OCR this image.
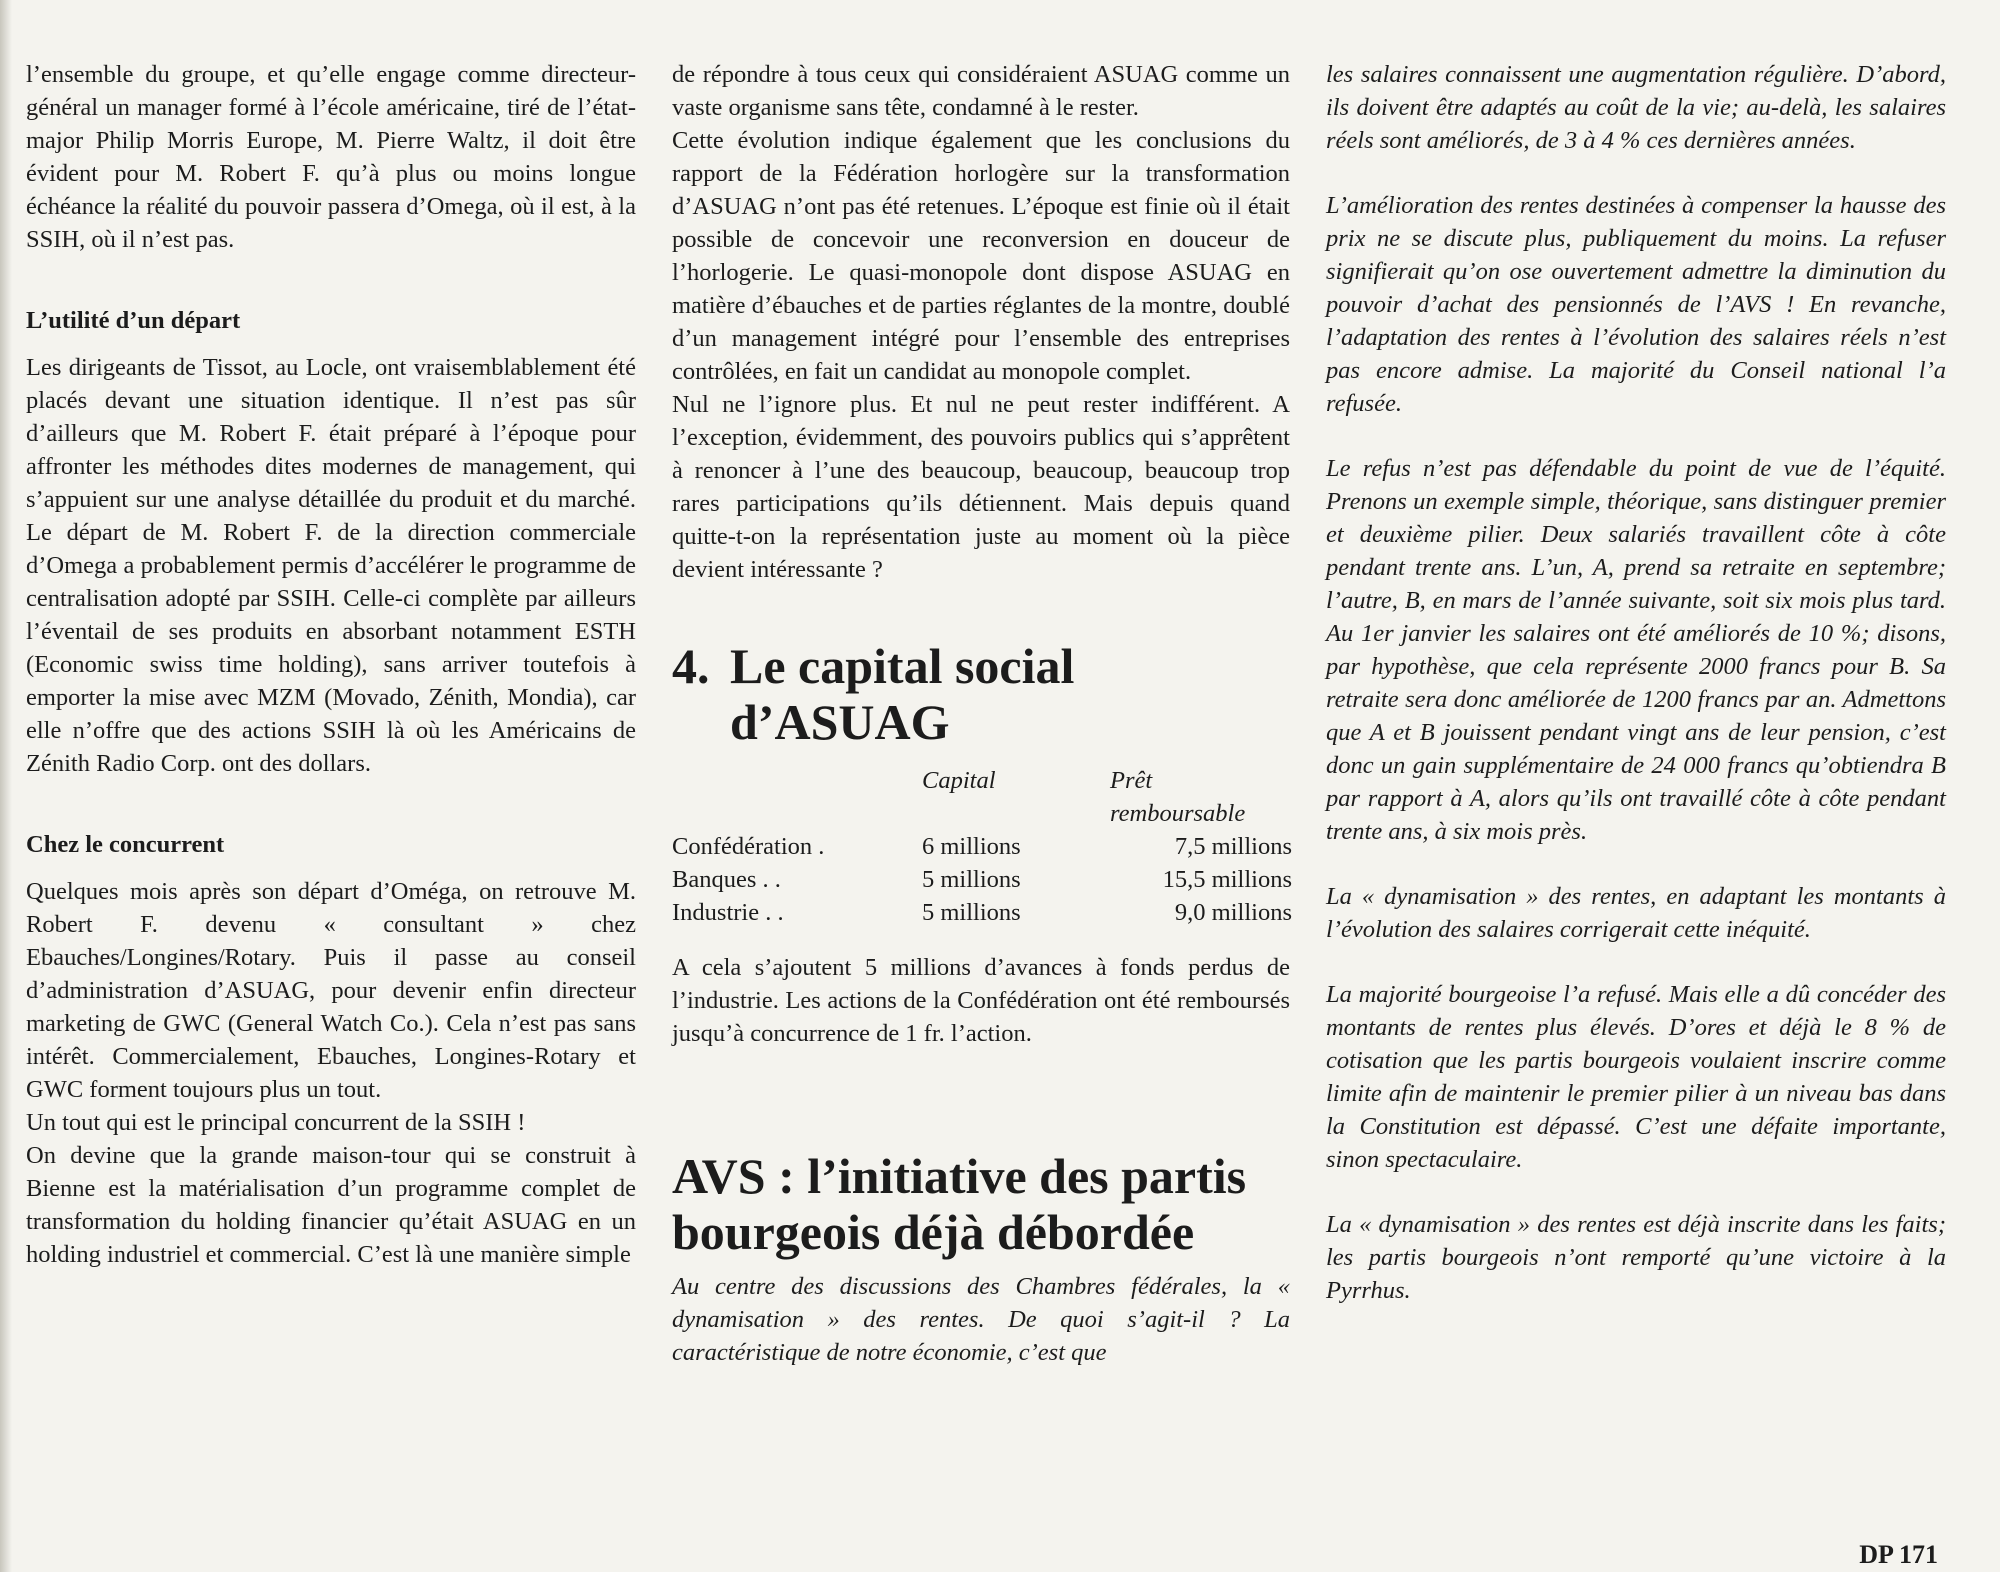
l’ensemble du groupe, et qu’elle engage comme directeur-général un manager formé à l’école américaine, tiré de l’état-major Philip Morris Europe, M. Pierre Waltz, il doit être évident pour M. Robert F. qu’à plus ou moins longue échéance la réalité du pouvoir passera d’Omega, où il est, à la SSIH, où il n’est pas.

L’utilité d’un départ

Les dirigeants de Tissot, au Locle, ont vraisemblablement été placés devant une situation identique. Il n’est pas sûr d’ailleurs que M. Robert F. était préparé à l’époque pour affronter les méthodes dites modernes de management, qui s’appuient sur une analyse détaillée du produit et du marché. Le départ de M. Robert F. de la direction commerciale d’Omega a probablement permis d’accélérer le programme de centralisation adopté par SSIH. Celle-ci complète par ailleurs l’éventail de ses produits en absorbant notamment ESTH (Economic swiss time holding), sans arriver toutefois à emporter la mise avec MZM (Movado, Zénith, Mondia), car elle n’offre que des actions SSIH là où les Américains de Zénith Radio Corp. ont des dollars.

Chez le concurrent

Quelques mois après son départ d’Oméga, on retrouve M. Robert F. devenu « consultant » chez Ebauches/Longines/Rotary. Puis il passe au conseil d’administration d’ASUAG, pour devenir enfin directeur marketing de GWC (General Watch Co.). Cela n’est pas sans intérêt. Commercialement, Ebauches, Longines-Rotary et GWC forment toujours plus un tout.

Un tout qui est le principal concurrent de la SSIH !

On devine que la grande maison-tour qui se construit à Bienne est la matérialisation d’un programme complet de transformation du holding financier qu’était ASUAG en un holding industriel et commercial. C’est là une manière simple

de répondre à tous ceux qui considéraient ASUAG comme un vaste organisme sans tête, condamné à le rester.

Cette évolution indique également que les conclusions du rapport de la Fédération horlogère sur la transformation d’ASUAG n’ont pas été retenues. L’époque est finie où il était possible de concevoir une reconversion en douceur de l’horlogerie. Le quasi-monopole dont dispose ASUAG en matière d’ébauches et de parties réglantes de la montre, doublé d’un management intégré pour l’ensemble des entreprises contrôlées, en fait un candidat au monopole complet.

Nul ne l’ignore plus. Et nul ne peut rester indifférent. A l’exception, évidemment, des pouvoirs publics qui s’apprêtent à renoncer à l’une des beaucoup, beaucoup, beaucoup trop rares participations qu’ils détiennent. Mais depuis quand quitte-t-on la représentation juste au moment où la pièce devient intéressante ?

4. Le capital social
d’ASUAG
	Capital	Prêt remboursable
Confédération .	6 millions	7,5 millions
Banques . .	5 millions	15,5 millions
Industrie . .	5 millions	9,0 millions

A cela s’ajoutent 5 millions d’avances à fonds perdus de l’industrie. Les actions de la Confédération ont été remboursés jusqu’à concurrence de 1 fr. l’action.

AVS : l’initiative des partis bourgeois déjà débordée

Au centre des discussions des Chambres fédérales, la « dynamisation » des rentes. De quoi s’agit-il ? La caractéristique de notre économie, c’est que

les salaires connaissent une augmentation régulière. D’abord, ils doivent être adaptés au coût de la vie; au-delà, les salaires réels sont améliorés, de 3 à 4 % ces dernières années.

L’amélioration des rentes destinées à compenser la hausse des prix ne se discute plus, publiquement du moins. La refuser signifierait qu’on ose ouvertement admettre la diminution du pouvoir d’achat des pensionnés de l’AVS ! En revanche, l’adaptation des rentes à l’évolution des salaires réels n’est pas encore admise. La majorité du Conseil national l’a refusée.

Le refus n’est pas défendable du point de vue de l’équité. Prenons un exemple simple, théorique, sans distinguer premier et deuxième pilier. Deux salariés travaillent côte à côte pendant trente ans. L’un, A, prend sa retraite en septembre; l’autre, B, en mars de l’année suivante, soit six mois plus tard. Au 1er janvier les salaires ont été améliorés de 10 %; disons, par hypothèse, que cela représente 2000 francs pour B. Sa retraite sera donc améliorée de 1200 francs par an. Admettons que A et B jouissent pendant vingt ans de leur pension, c’est donc un gain supplémentaire de 24 000 francs qu’obtiendra B par rapport à A, alors qu’ils ont travaillé côte à côte pendant trente ans, à six mois près.

La « dynamisation » des rentes, en adaptant les montants à l’évolution des salaires corrigerait cette inéquité.

La majorité bourgeoise l’a refusé. Mais elle a dû concéder des montants de rentes plus élevés. D’ores et déjà le 8 % de cotisation que les partis bourgeois voulaient inscrire comme limite afin de maintenir le premier pilier à un niveau bas dans la Constitution est dépassé. C’est une défaite importante, sinon spectaculaire.

La « dynamisation » des rentes est déjà inscrite dans les faits; les partis bourgeois n’ont remporté qu’une victoire à la Pyrrhus.

DP 171
